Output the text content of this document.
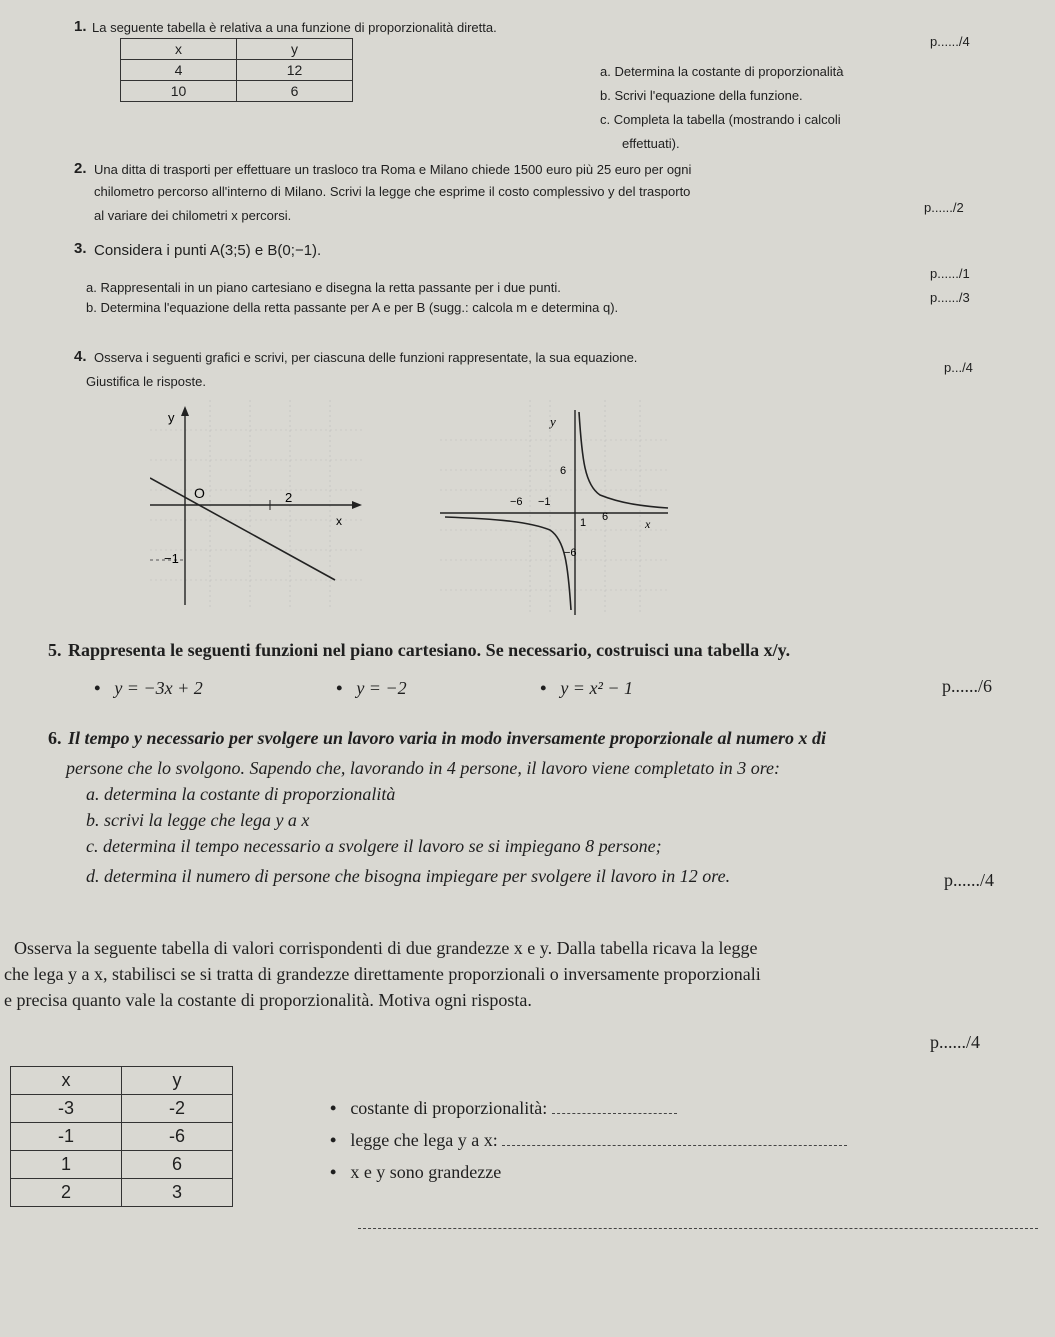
1. La seguente tabella è relativa a una funzione di proporzionalità diretta.
x	y
4	12
10	6
p....../4
a. Determina la costante di proporzionalità
b. Scrivi l'equazione della funzione.
c. Completa la tabella (mostrando i calcoli
effettuati).
2. Una ditta di trasporti per effettuare un trasloco tra Roma e Milano chiede 1500 euro più 25 euro per ogni
chilometro percorso all'interno di Milano. Scrivi la legge che esprime il costo complessivo y del trasporto
al variare dei chilometri x percorsi.
p....../2
3. Considera i punti A(3;5) e B(0;−1).
a. Rappresentali in un piano cartesiano e disegna la retta passante per i due punti.
p....../1
b. Determina l'equazione della retta passante per A e per B (sugg.: calcola m e determina q).
p....../3
4. Osserva i seguenti grafici e scrivi, per ciascuna delle funzioni rappresentate, la sua equazione.
Giustifica le risposte.
p.../4
y
x
O	2
−1
y
x
6
−6 −1
1 6
−6
5. Rappresenta le seguenti funzioni nel piano cartesiano. Se necessario, costruisci una tabella x/y.
• y = −3x + 2	• y = −2	• y = x² − 1	p....../6
6. Il tempo y necessario per svolgere un lavoro varia in modo inversamente proporzionale al numero x di
persone che lo svolgono. Sapendo che, lavorando in 4 persone, il lavoro viene completato in 3 ore:
a. determina la costante di proporzionalità
b. scrivi la legge che lega y a x
c. determina il tempo necessario a svolgere il lavoro se si impiegano 8 persone;
d. determina il numero di persone che bisogna impiegare per svolgere il lavoro in 12 ore.	p....../4
Osserva la seguente tabella di valori corrispondenti di due grandezze x e y. Dalla tabella ricava la legge
che lega y a x, stabilisci se si tratta di grandezze direttamente proporzionali o inversamente proporzionali
e precisa quanto vale la costante di proporzionalità. Motiva ogni risposta.
p....../4
x	y
-3	-2
-1	-6
1	6
2	3
• costante di proporzionalità:
• legge che lega y a x:
• x e y sono grandezze
